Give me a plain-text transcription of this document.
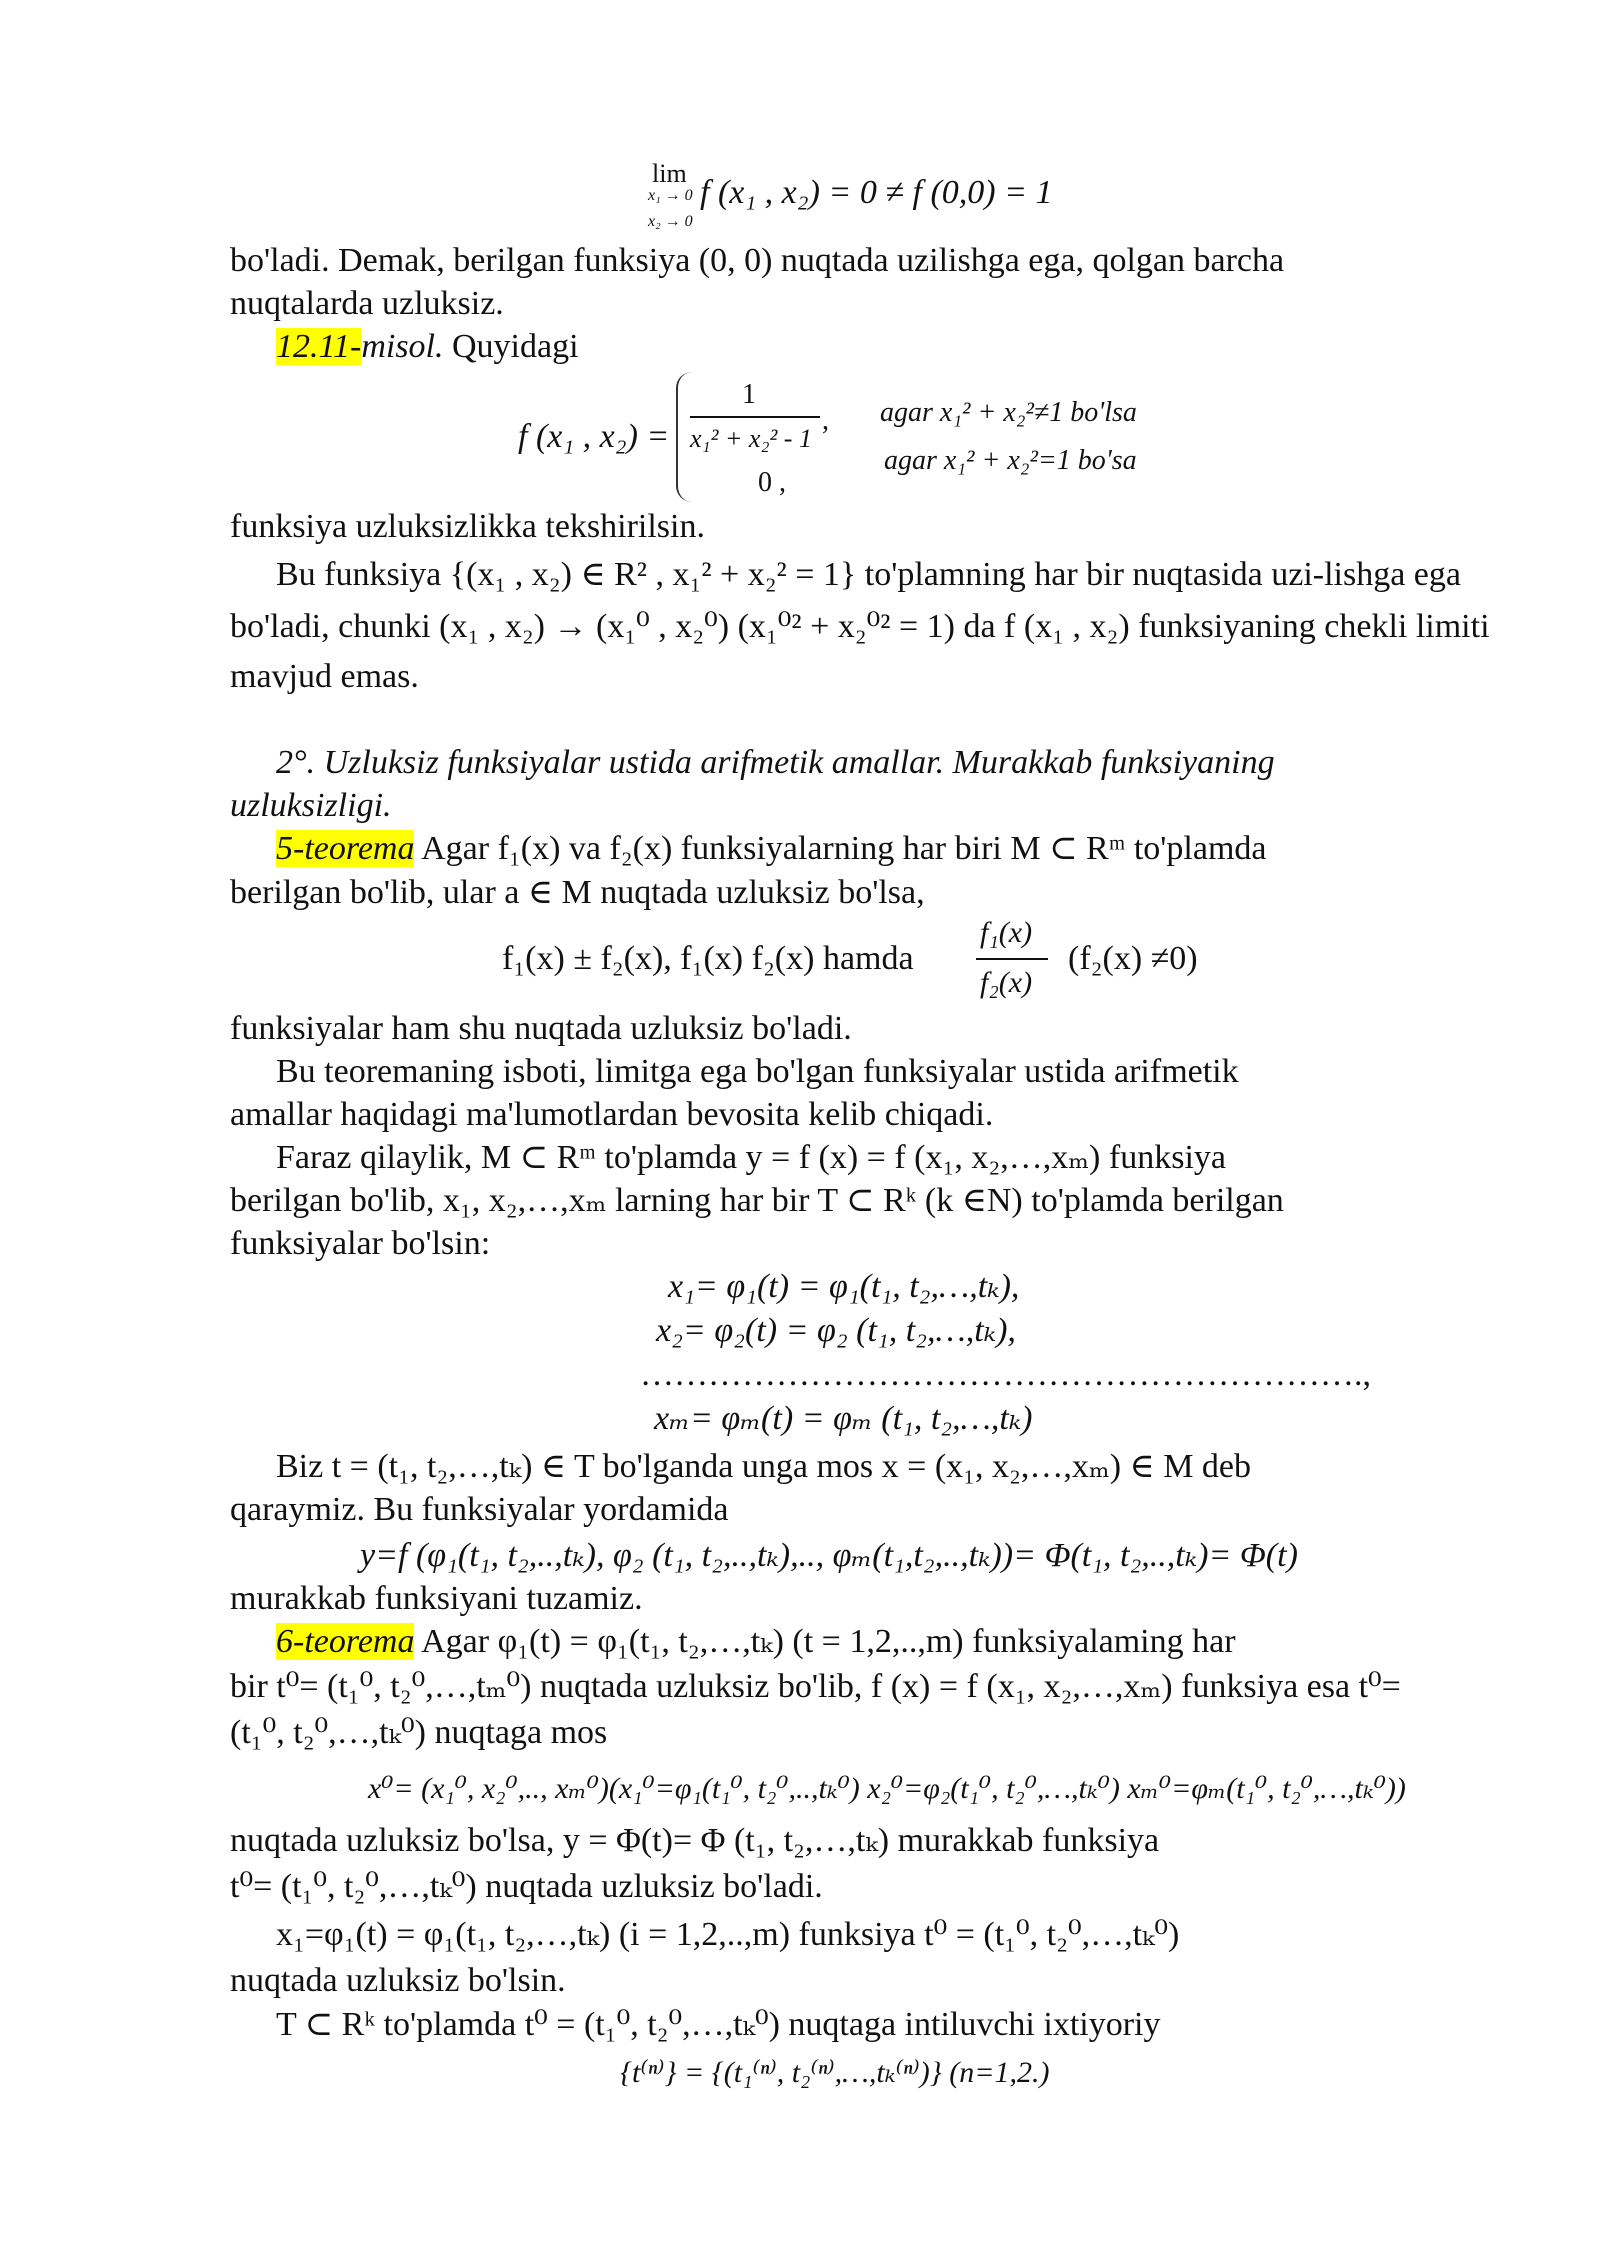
lim
x₁ → 0
x₂ → 0
f (x₁ , x₂) = 0 ≠ f (0,0) = 1
bo'ladi. Demak, berilgan funksiya (0, 0) nuqtada uzilishga ega, qolgan barcha
nuqtalarda uzluksiz.
12.11-misol. Quyidagi
f (x₁ , x₂) =
1
x₁² + x₂² - 1
,
0 ,
agar x₁² + x₂²≠1 bo'lsa
agar x₁² + x₂²=1 bo'sa
funksiya uzluksizlikka tekshirilsin.
Bu funksiya {(x₁ , x₂) ∈ R² , x₁² + x₂² = 1} to'plamning har bir nuqtasida uzi-lishga ega
bo'ladi, chunki (x₁ , x₂) → (x₁⁰ , x₂⁰) (x₁⁰² + x₂⁰² = 1) da f (x₁ , x₂) funksiyaning chekli limiti
mavjud emas.
2°. Uzluksiz funksiyalar ustida arifmetik amallar. Murakkab funksiyaning
uzluksizligi.
5-teorema Agar f₁(x) va f₂(x) funksiyalarning har biri M ⊂ Rᵐ to'plamda
berilgan bo'lib, ular a ∈ M nuqtada uzluksiz bo'lsa,
f₁(x) ± f₂(x), f₁(x) f₂(x) hamda
f₁(x)
f₂(x)
(f₂(x) ≠0)
funksiyalar ham shu nuqtada uzluksiz bo'ladi.
Bu teoremaning isboti, limitga ega bo'lgan funksiyalar ustida arifmetik
amallar haqidagi ma'lumotlardan bevosita kelib chiqadi.
Faraz qilaylik, M ⊂ Rᵐ to'plamda y = f (x) = f (x₁, x₂,…,xₘ) funksiya
berilgan bo'lib, x₁, x₂,…,xₘ larning har bir T ⊂ Rᵏ (k ∈N) to'plamda berilgan
funksiyalar bo'lsin:
x₁= φ₁(t) = φ₁(t₁, t₂,…,tₖ),
x₂= φ₂(t) = φ₂ (t₁, t₂,…,tₖ),
……………………………………………………….,
xₘ= φₘ(t) = φₘ (t₁, t₂,…,tₖ)
Biz t = (t₁, t₂,…,tₖ) ∈ T bo'lganda unga mos x = (x₁, x₂,…,xₘ) ∈ M deb
qaraymiz. Bu funksiyalar yordamida
y=f (φ₁(t₁, t₂,..,tₖ), φ₂ (t₁, t₂,..,tₖ),.., φₘ(t₁,t₂,..,tₖ))= Φ(t₁, t₂,..,tₖ)= Φ(t)
murakkab funksiyani tuzamiz.
6-teorema Agar φ₁(t) = φ₁(t₁, t₂,…,tₖ) (t = 1,2,..,m) funksiyalaming har
bir t⁰= (t₁⁰, t₂⁰,…,tₘ⁰) nuqtada uzluksiz bo'lib, f (x) = f (x₁, x₂,…,xₘ) funksiya esa t⁰=
(t₁⁰, t₂⁰,…,tₖ⁰) nuqtaga mos
x⁰= (x₁⁰, x₂⁰,.., xₘ⁰)(x₁⁰=φ₁(t₁⁰, t₂⁰,..,tₖ⁰) x₂⁰=φ₂(t₁⁰, t₂⁰,…,tₖ⁰) xₘ⁰=φₘ(t₁⁰, t₂⁰,…,tₖ⁰))
nuqtada uzluksiz bo'lsa, y = Φ(t)= Φ (t₁, t₂,…,tₖ) murakkab funksiya
t⁰= (t₁⁰, t₂⁰,…,tₖ⁰) nuqtada uzluksiz bo'ladi.
x₁=φ₁(t) = φ₁(t₁, t₂,…,tₖ) (i = 1,2,..,m) funksiya t⁰ = (t₁⁰, t₂⁰,…,tₖ⁰)
nuqtada uzluksiz bo'lsin.
T ⊂ Rᵏ to'plamda t⁰ = (t₁⁰, t₂⁰,…,tₖ⁰) nuqtaga intiluvchi ixtiyoriy
{t⁽ⁿ⁾} = {(t₁⁽ⁿ⁾, t₂⁽ⁿ⁾,…,tₖ⁽ⁿ⁾)} (n=1,2.)
